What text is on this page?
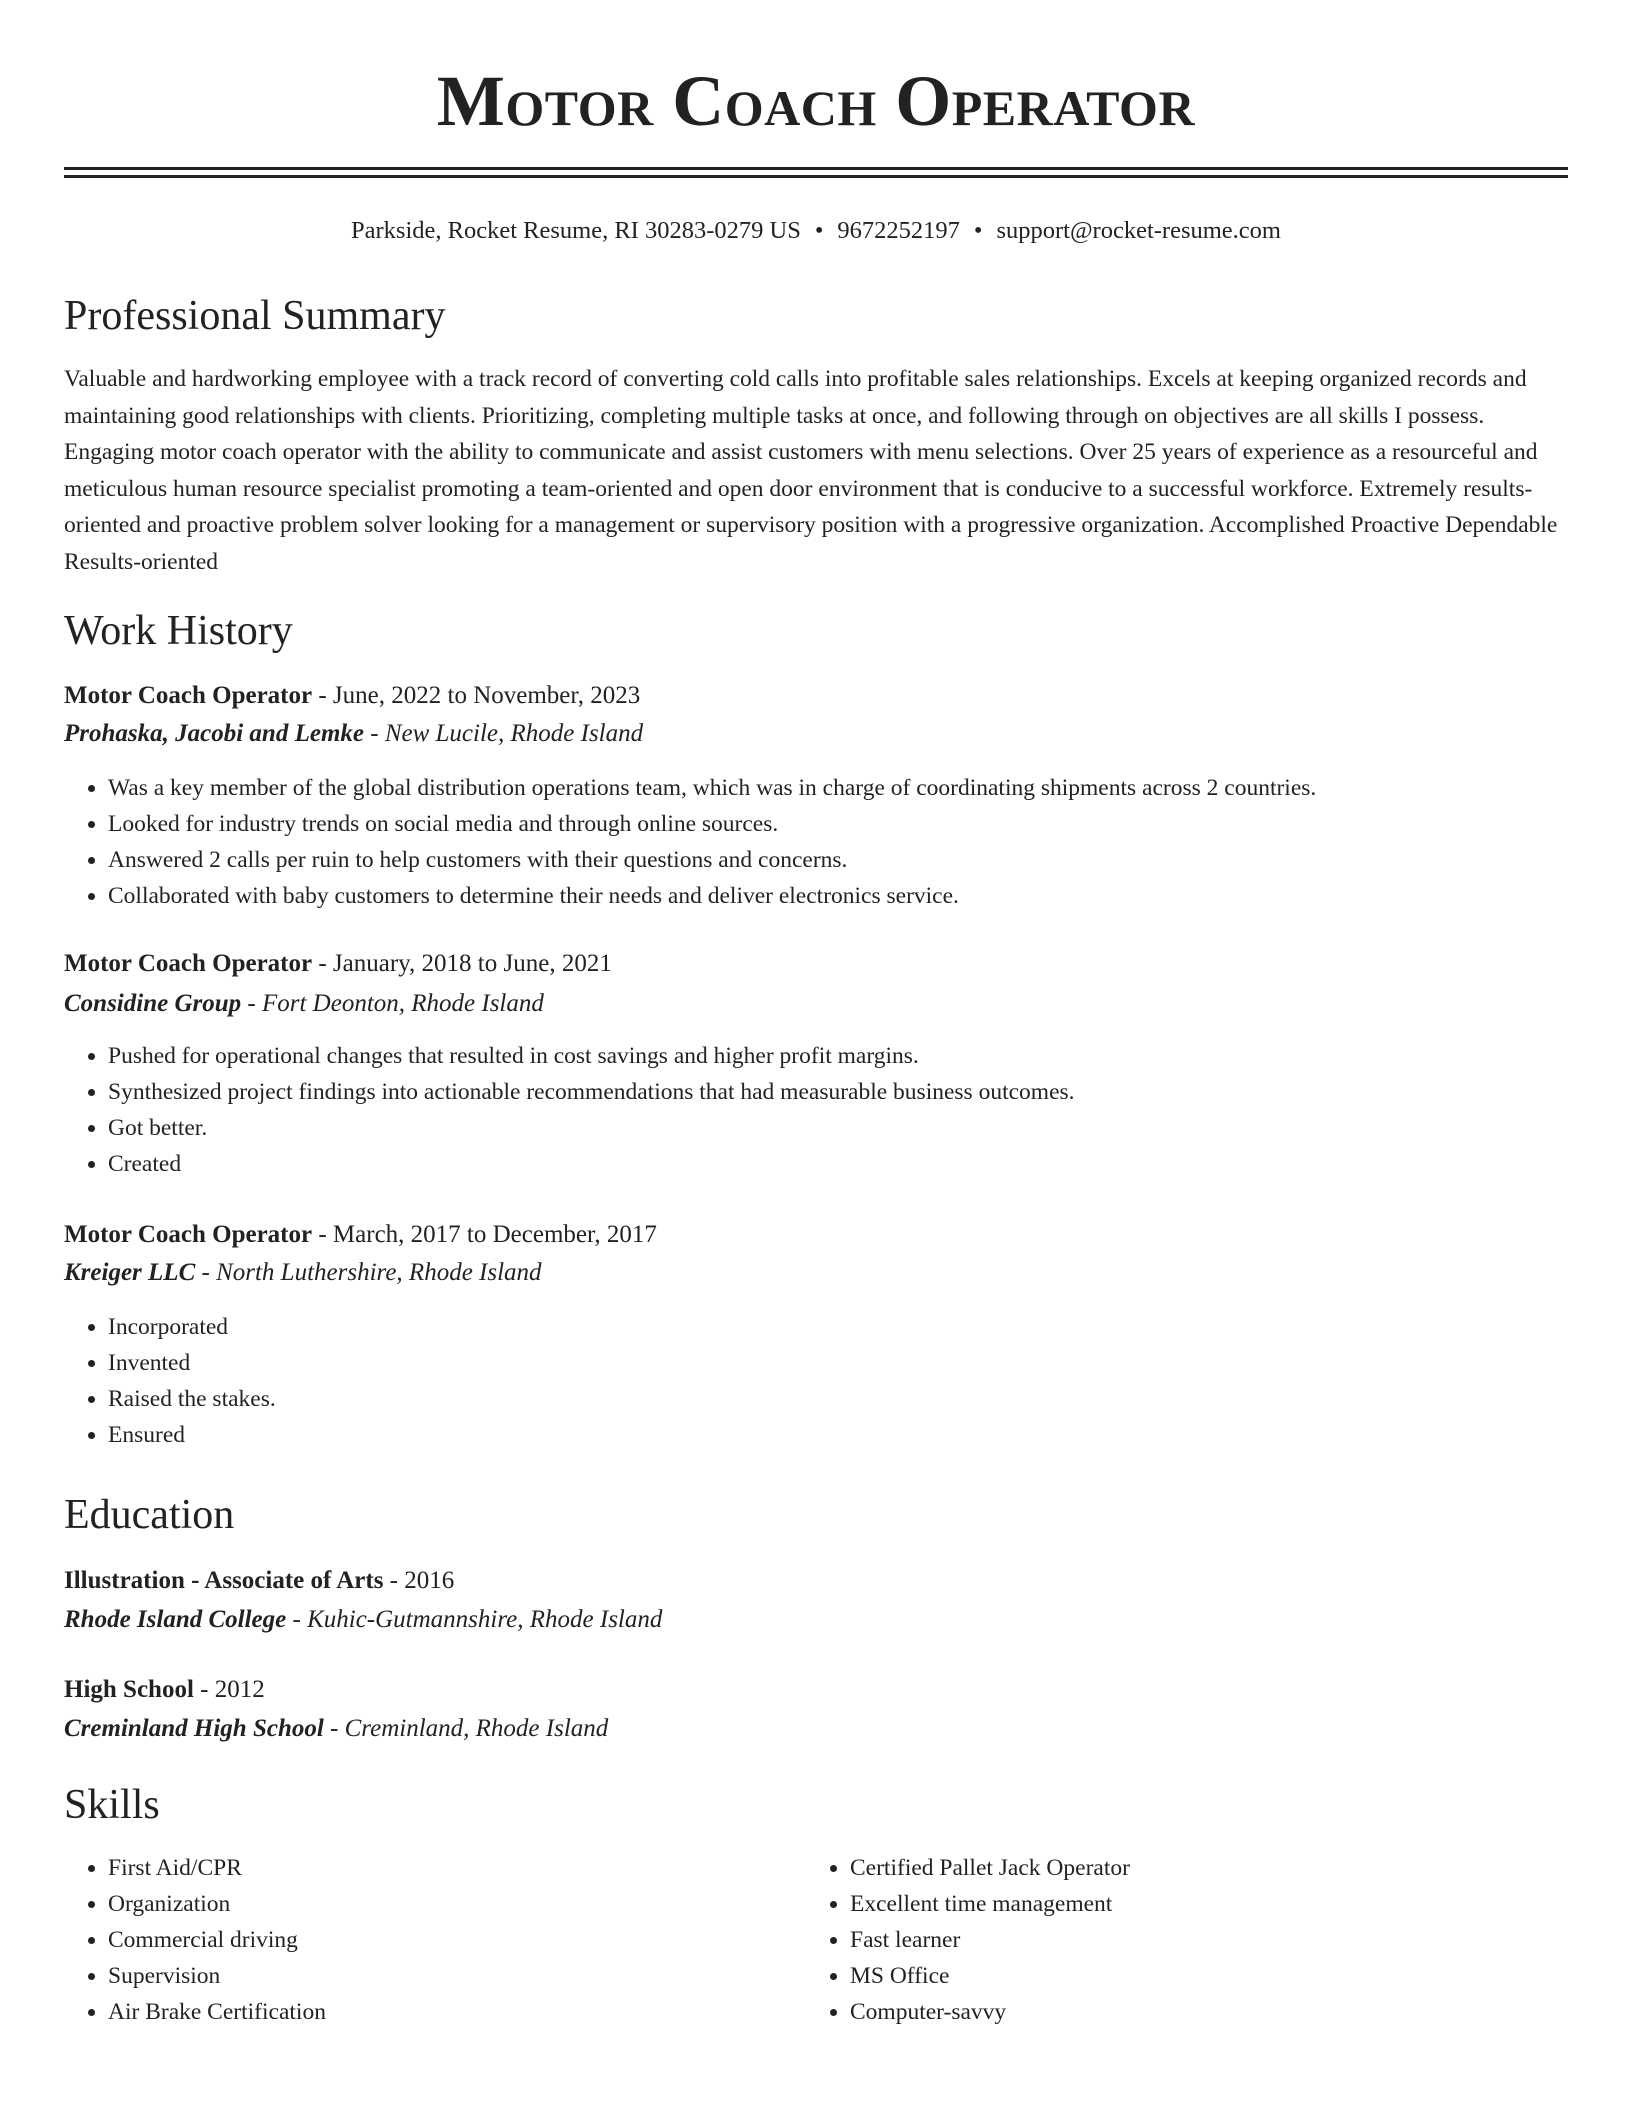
Motor Coach Operator
Parkside, Rocket Resume, RI 30283-0279 US • 9672252197 • support@rocket-resume.com
Professional Summary

Valuable and hardworking employee with a track record of converting cold calls into profitable sales relationships. Excels at keeping organized records and maintaining good relationships with clients. Prioritizing, completing multiple tasks at once, and following through on objectives are all skills I possess. Engaging motor coach operator with the ability to communicate and assist customers with menu selections. Over 25 years of experience as a resourceful and meticulous human resource specialist promoting a team-oriented and open door environment that is conducive to a successful workforce. Extremely results-oriented and proactive problem solver looking for a management or supervisory position with a progressive organization. Accomplished Proactive Dependable Results-oriented

Work History
Motor Coach Operator - June, 2022 to November, 2023
Prohaska, Jacobi and Lemke - New Lucile, Rhode Island
• Was a key member of the global distribution operations team, which was in charge of coordinating shipments across 2 countries.
• Looked for industry trends on social media and through online sources.
• Answered 2 calls per ruin to help customers with their questions and concerns.
• Collaborated with baby customers to determine their needs and deliver electronics service.
Motor Coach Operator - January, 2018 to June, 2021
Considine Group - Fort Deonton, Rhode Island
• Pushed for operational changes that resulted in cost savings and higher profit margins.
• Synthesized project findings into actionable recommendations that had measurable business outcomes.
• Got better.
• Created
Motor Coach Operator - March, 2017 to December, 2017
Kreiger LLC - North Luthershire, Rhode Island
• Incorporated
• Invented
• Raised the stakes.
• Ensured
Education
Illustration - Associate of Arts - 2016
Rhode Island College - Kuhic-Gutmannshire, Rhode Island
High School - 2012
Creminland High School - Creminland, Rhode Island
Skills
• First Aid/CPR
• Organization
• Commercial driving
• Supervision
• Air Brake Certification
• Certified Pallet Jack Operator
• Excellent time management
• Fast learner
• MS Office
• Computer-savvy
